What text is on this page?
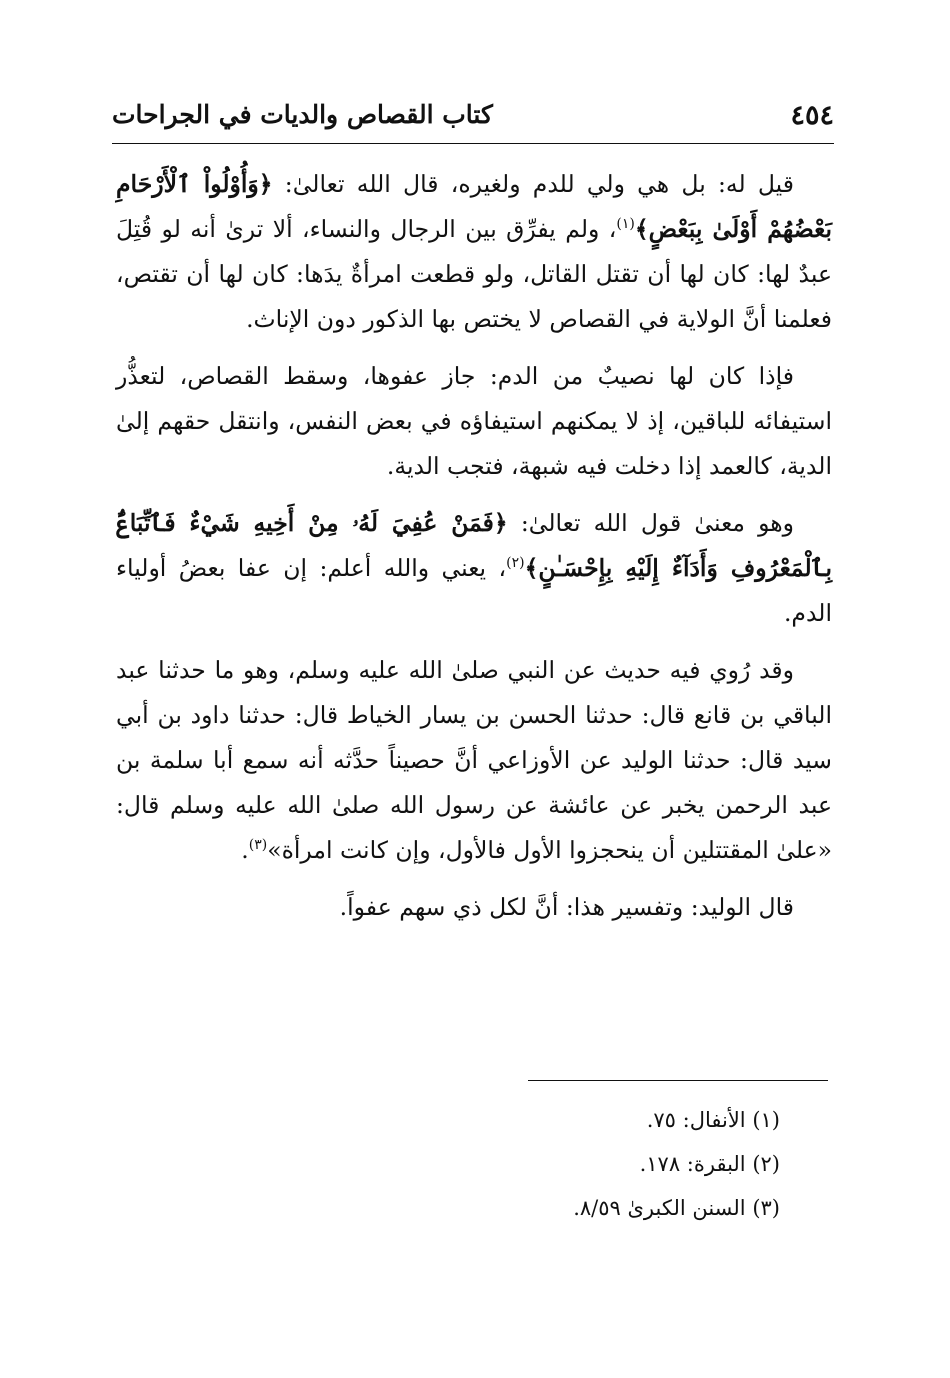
٤٥٤
كتاب القصاص والديات في الجراحات

قيل له: بل هي ولي للدم ولغيره، قال الله تعالىٰ: ﴿وَأُوْلُواْ ٱلْأَرْحَامِ بَعْضُهُمْ أَوْلَىٰ بِبَعْضٍ﴾$^{(١)}$، ولم يفرِّق بين الرجال والنساء، ألا ترىٰ أنه لو قُتِلَ عبدٌ لها: كان لها أن تقتل القاتل، ولو قطعت امرأةٌ يدَها: كان لها أن تقتص، فعلمنا أنَّ الولاية في القصاص لا يختص بها الذكور دون الإناث.

فإذا كان لها نصيبٌ من الدم: جاز عفوها، وسقط القصاص، لتعذُّر استيفائه للباقين، إذ لا يمكنهم استيفاؤه في بعض النفس، وانتقل حقهم إلىٰ الدية، كالعمد إذا دخلت فيه شبهة، فتجب الدية.

وهو معنىٰ قول الله تعالىٰ: ﴿فَمَنْ عُفِيَ لَهُۥ مِنْ أَخِيهِ شَيْءٌ فَٱتِّبَاعٌۢ بِٱلْمَعْرُوفِ وَأَدَآءٌ إِلَيْهِ بِإِحْسَـٰنٍ﴾$^{(٢)}$، يعني والله أعلم: إن عفا بعضُ أولياء الدم.

وقد رُوي فيه حديث عن النبي صلىٰ الله عليه وسلم، وهو ما حدثنا عبد الباقي بن قانع قال: حدثنا الحسن بن يسار الخياط قال: حدثنا داود بن أبي سيد قال: حدثنا الوليد عن الأوزاعي أنَّ حصيناً حدَّثه أنه سمع أبا سلمة بن عبد الرحمن يخبر عن عائشة عن رسول الله صلىٰ الله عليه وسلم قال: «علىٰ المقتتلين أن ينحجزوا الأول فالأول، وإن كانت امرأة»$^{(٣)}$.

قال الوليد: وتفسير هذا: أنَّ لكل ذي سهم عفواً.

(١) الأنفال: ٧٥.
(٢) البقرة: ١٧٨.
(٣) السنن الكبرىٰ ٨/٥٩.
